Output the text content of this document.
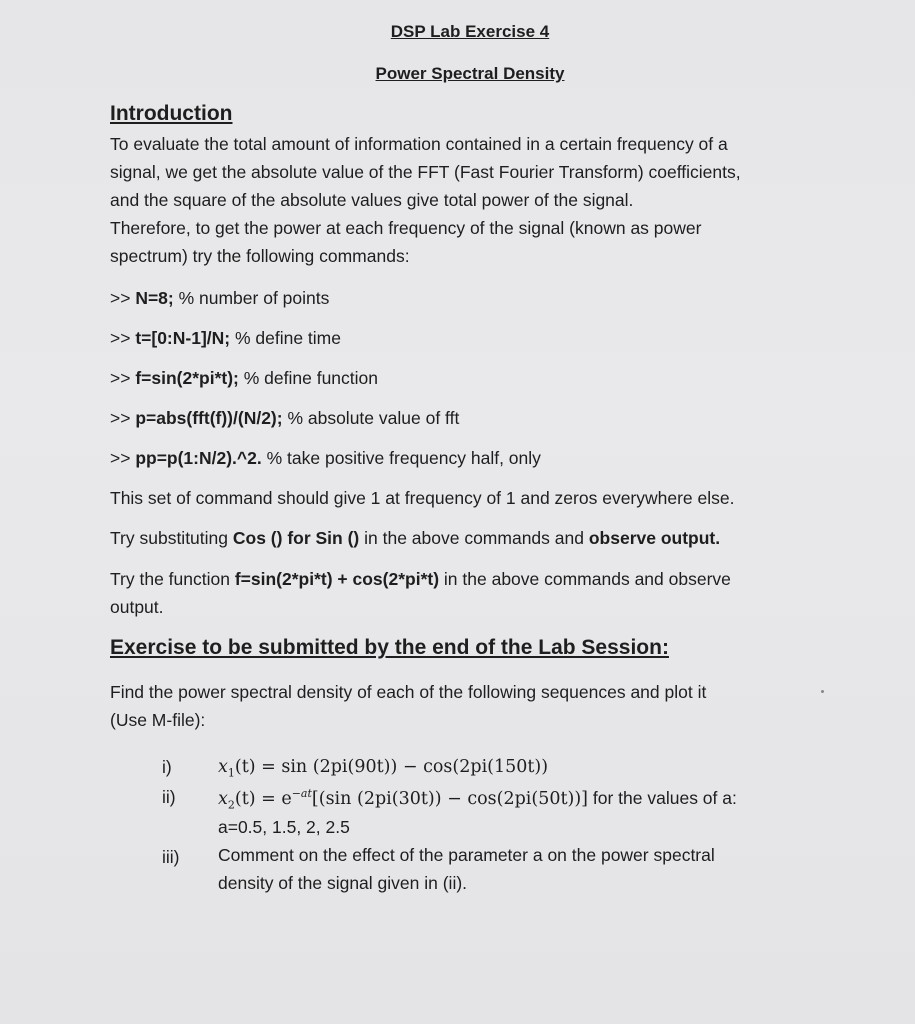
DSP Lab Exercise 4
Power Spectral Density
Introduction
To evaluate the total amount of information contained in a certain frequency of a
signal, we get the absolute value of the FFT (Fast Fourier Transform) coefficients,
and the square of the absolute values give total power of the signal.
Therefore, to get the power at each frequency of the signal (known as power
spectrum) try the following commands:
>> N=8; % number of points
>> t=[0:N-1]/N; % define time
>> f=sin(2*pi*t); % define function
>> p=abs(fft(f))/(N/2); % absolute value of fft
>> pp=p(1:N/2).^2. % take positive frequency half, only
This set of command should give 1 at frequency of 1 and zeros everywhere else.
Try substituting Cos () for Sin () in the above commands and observe output.
Try the function f=sin(2*pi*t) + cos(2*pi*t) in the above commands and observe
output.
Exercise to be submitted by the end of the Lab Session:
Find the power spectral density of each of the following sequences and plot it
(Use M-file):
i)	$x_1(t) = \sin (2pi(90t)) - \cos(2pi(150t))$
ii) $x_2(t) = e^{-at}[(\sin$ (2pi(30t)) − cos(2pi(50t))] for the values of a:
a=0.5, 1.5, 2, 2.5
iii) Comment on the effect of the parameter a on the power spectral
density of the signal given in (ii).
